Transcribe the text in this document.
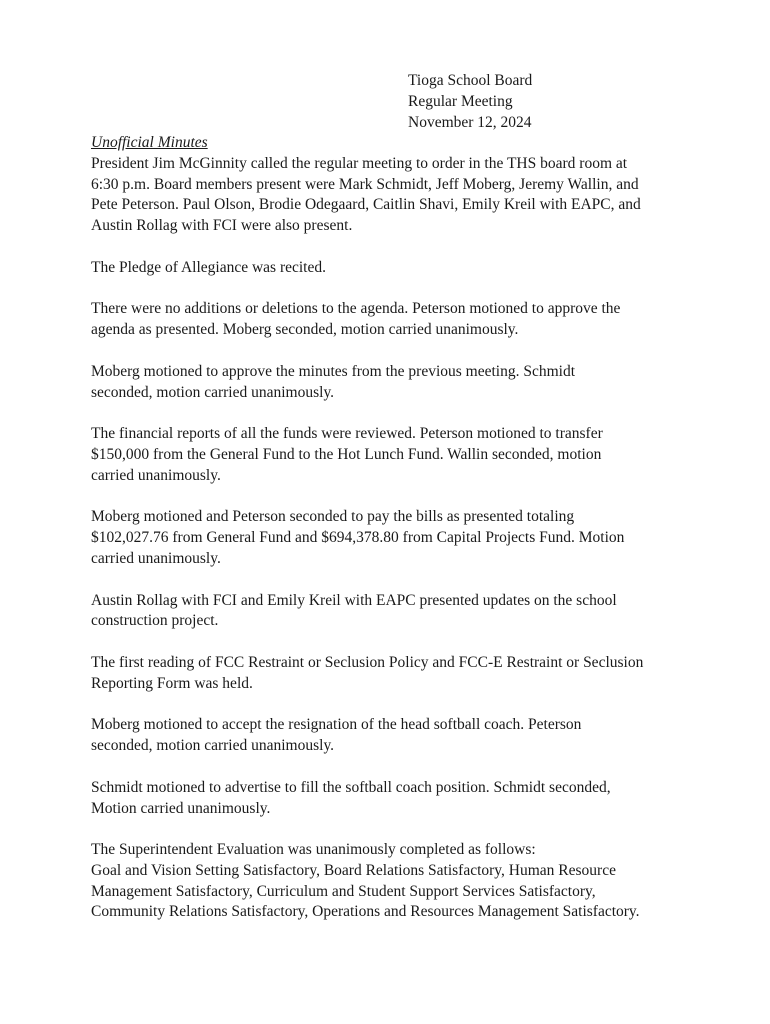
Tioga School Board
Regular Meeting
November 12, 2024
Unofficial Minutes
President Jim McGinnity called the regular meeting to order in the THS board room at
6:30 p.m. Board members present were Mark Schmidt, Jeff Moberg, Jeremy Wallin, and
Pete Peterson. Paul Olson, Brodie Odegaard, Caitlin Shavi, Emily Kreil with EAPC, and
Austin Rollag with FCI were also present.
The Pledge of Allegiance was recited.
There were no additions or deletions to the agenda. Peterson motioned to approve the
agenda as presented. Moberg seconded, motion carried unanimously.
Moberg motioned to approve the minutes from the previous meeting. Schmidt
seconded, motion carried unanimously.
The financial reports of all the funds were reviewed. Peterson motioned to transfer
$150,000 from the General Fund to the Hot Lunch Fund. Wallin seconded, motion
carried unanimously.
Moberg motioned and Peterson seconded to pay the bills as presented totaling
$102,027.76 from General Fund and $694,378.80 from Capital Projects Fund. Motion
carried unanimously.
Austin Rollag with FCI and Emily Kreil with EAPC presented updates on the school
construction project.
The first reading of FCC Restraint or Seclusion Policy and FCC-E Restraint or Seclusion
Reporting Form was held.
Moberg motioned to accept the resignation of the head softball coach. Peterson
seconded, motion carried unanimously.
Schmidt motioned to advertise to fill the softball coach position. Schmidt seconded,
Motion carried unanimously.
The Superintendent Evaluation was unanimously completed as follows:
Goal and Vision Setting Satisfactory, Board Relations Satisfactory, Human Resource
Management Satisfactory, Curriculum and Student Support Services Satisfactory,
Community Relations Satisfactory, Operations and Resources Management Satisfactory.
